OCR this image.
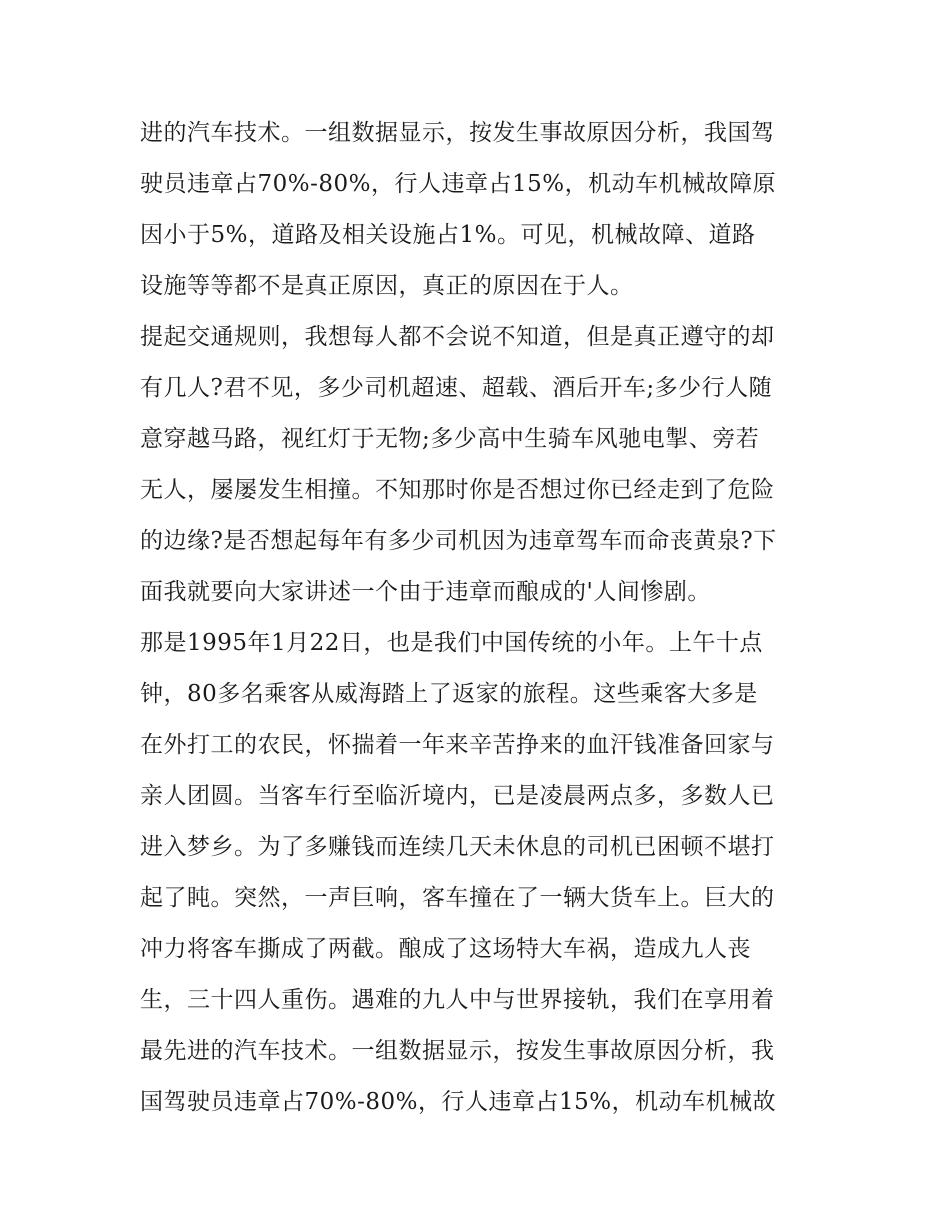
进的汽车技术。一组数据显示，按发生事故原因分析，我国驾
驶员违章占70%-80%，行人违章占15%，机动车机械故障原
因小于5%，道路及相关设施占1%。可见，机械故障、道路
设施等等都不是真正原因，真正的原因在于人。
提起交通规则，我想每人都不会说不知道，但是真正遵守的却
有几人?君不见，多少司机超速、超载、酒后开车;多少行人随
意穿越马路，视红灯于无物;多少高中生骑车风驰电掣、旁若
无人，屡屡发生相撞。不知那时你是否想过你已经走到了危险
的边缘?是否想起每年有多少司机因为违章驾车而命丧黄泉?下
面我就要向大家讲述一个由于违章而酿成的'人间惨剧。
那是1995年1月22日，也是我们中国传统的小年。上午十点
钟，80多名乘客从威海踏上了返家的旅程。这些乘客大多是
在外打工的农民，怀揣着一年来辛苦挣来的血汗钱准备回家与
亲人团圆。当客车行至临沂境内，已是凌晨两点多，多数人已
进入梦乡。为了多赚钱而连续几天未休息的司机已困顿不堪打
起了盹。突然，一声巨响，客车撞在了一辆大货车上。巨大的
冲力将客车撕成了两截。酿成了这场特大车祸，造成九人丧
生，三十四人重伤。遇难的九人中与世界接轨，我们在享用着
最先进的汽车技术。一组数据显示，按发生事故原因分析，我
国驾驶员违章占70%-80%，行人违章占15%，机动车机械故
